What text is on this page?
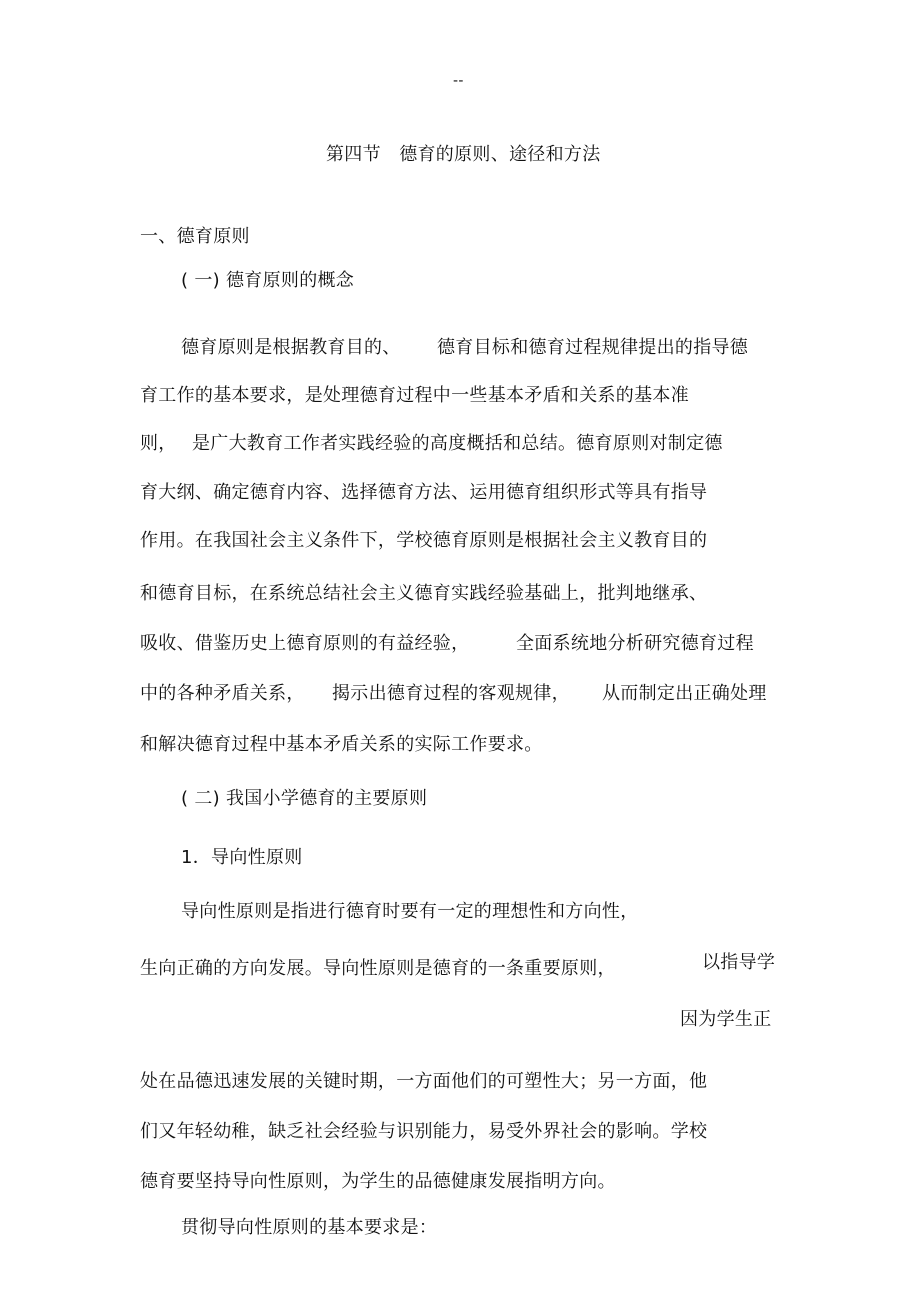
--
第四节　德育的原则、途径和方法
一、德育原则
( 一) 德育原则的概念
德育原则是根据教育目的、 德育目标和德育过程规律提出的指导德
育工作的基本要求，是处理德育过程中一些基本矛盾和关系的基本准
则， 是广大教育工作者实践经验的高度概括和总结。德育原则对制定德
育大纲、确定德育内容、选择德育方法、运用德育组织形式等具有指导
作用。在我国社会主义条件下，学校德育原则是根据社会主义教育目的
和德育目标，在系统总结社会主义德育实践经验基础上，批判地继承、
吸收、借鉴历史上德育原则的有益经验，	全面系统地分析研究德育过程
中的各种矛盾关系， 揭示出德育过程的客观规律， 从而制定出正确处理
和解决德育过程中基本矛盾关系的实际工作要求。
( 二) 我国小学德育的主要原则
1．导向性原则
导向性原则是指进行德育时要有一定的理想性和方向性，
以指导学
生向正确的方向发展。导向性原则是德育的一条重要原则，
因为学生正
处在品德迅速发展的关键时期，一方面他们的可塑性大；另一方面，他
们又年轻幼稚，缺乏社会经验与识别能力，易受外界社会的影响。学校
德育要坚持导向性原则，为学生的品德健康发展指明方向。
贯彻导向性原则的基本要求是：
